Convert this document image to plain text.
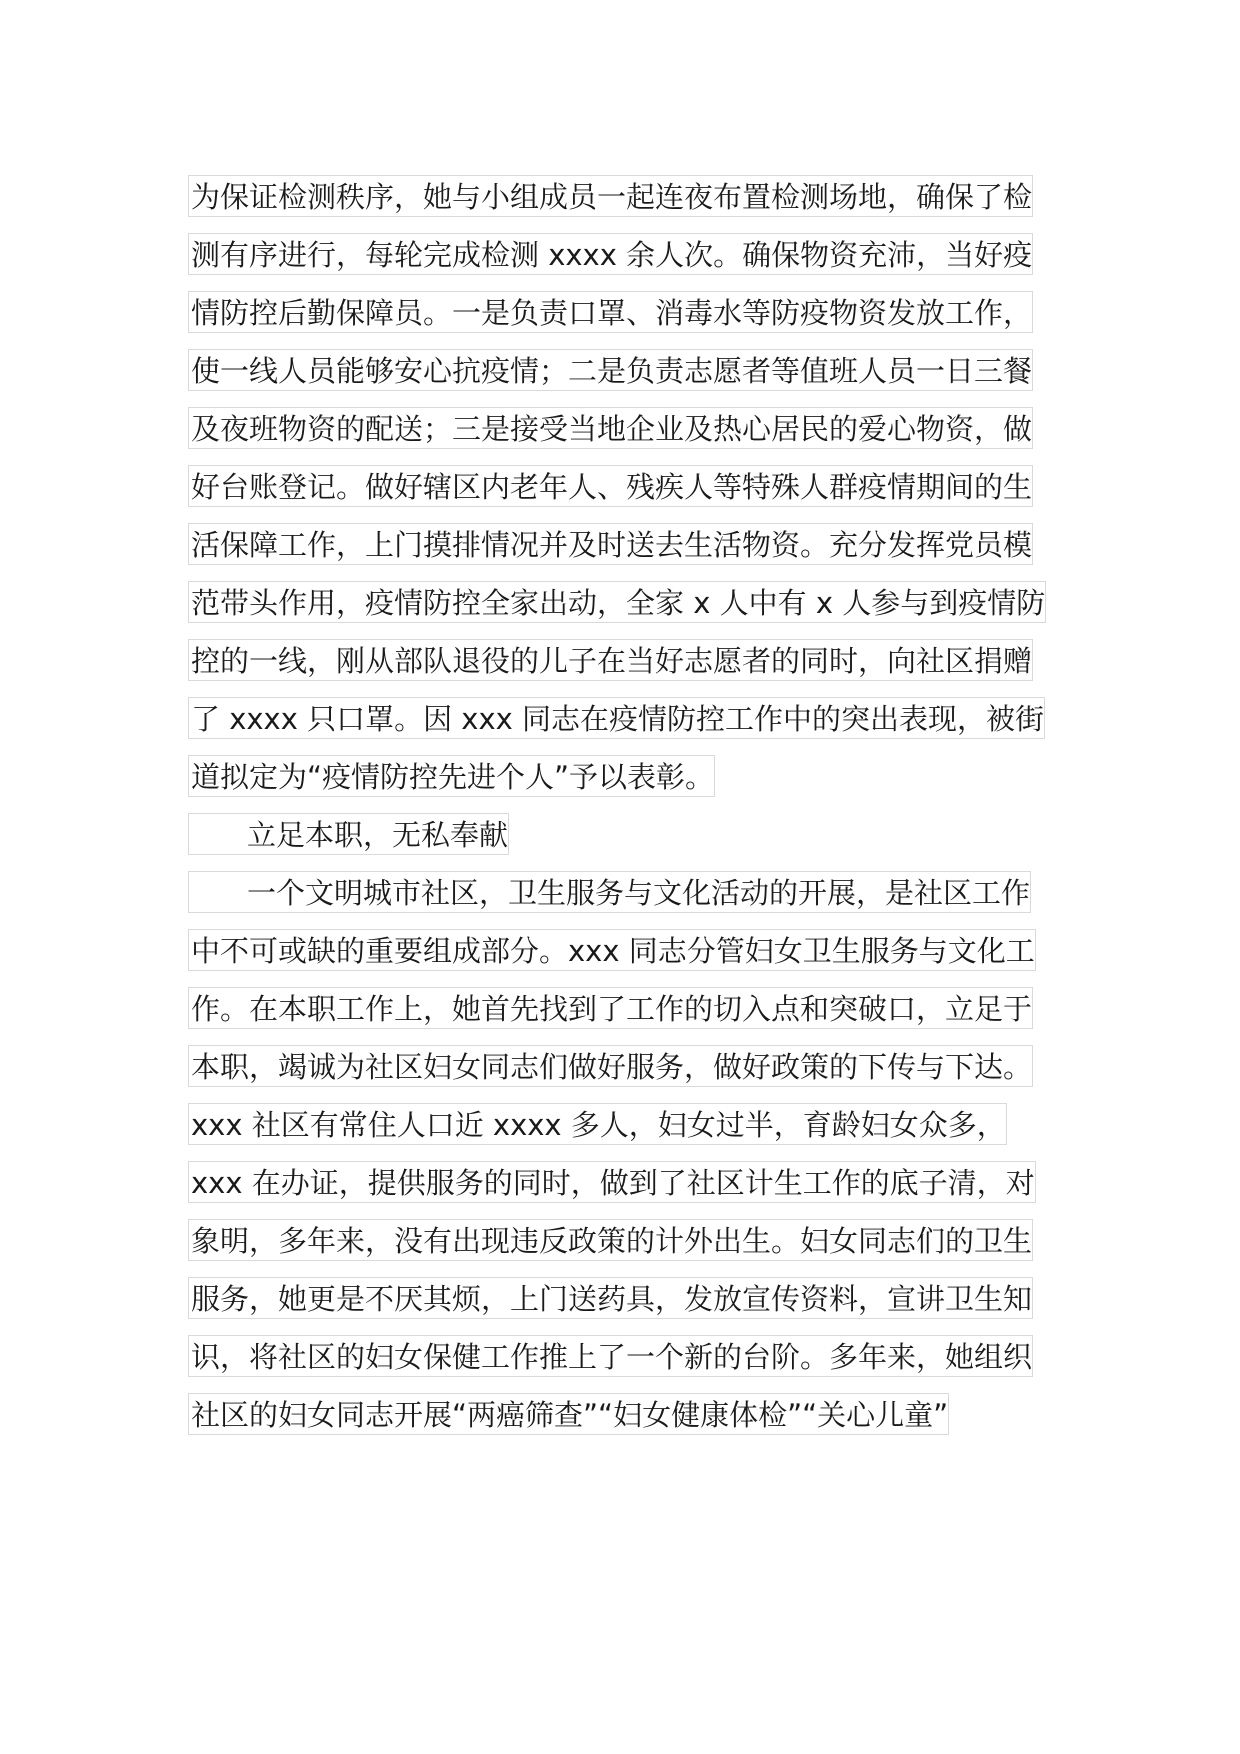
为保证检测秩序，她与小组成员一起连夜布置检测场地，确保了检
测有序进行，每轮完成检测 xxxx 余人次。确保物资充沛，当好疫
情防控后勤保障员。一是负责口罩、消毒水等防疫物资发放工作，
使一线人员能够安心抗疫情；二是负责志愿者等值班人员一日三餐
及夜班物资的配送；三是接受当地企业及热心居民的爱心物资，做
好台账登记。做好辖区内老年人、残疾人等特殊人群疫情期间的生
活保障工作，上门摸排情况并及时送去生活物资。充分发挥党员模
范带头作用，疫情防控全家出动，全家 x 人中有 x 人参与到疫情防
控的一线，刚从部队退役的儿子在当好志愿者的同时，向社区捐赠
了 xxxx 只口罩。因 xxx 同志在疫情防控工作中的突出表现，被街
道拟定为“疫情防控先进个人”予以表彰。
立足本职，无私奉献
一个文明城市社区，卫生服务与文化活动的开展，是社区工作
中不可或缺的重要组成部分。xxx 同志分管妇女卫生服务与文化工
作。在本职工作上，她首先找到了工作的切入点和突破口，立足于
本职，竭诚为社区妇女同志们做好服务，做好政策的下传与下达。
xxx 社区有常住人口近 xxxx 多人，妇女过半，育龄妇女众多，
xxx 在办证，提供服务的同时，做到了社区计生工作的底子清，对
象明，多年来，没有出现违反政策的计外出生。妇女同志们的卫生
服务，她更是不厌其烦，上门送药具，发放宣传资料，宣讲卫生知
识，将社区的妇女保健工作推上了一个新的台阶。多年来，她组织
社区的妇女同志开展“两癌筛查”“妇女健康体检”“关心儿童”
